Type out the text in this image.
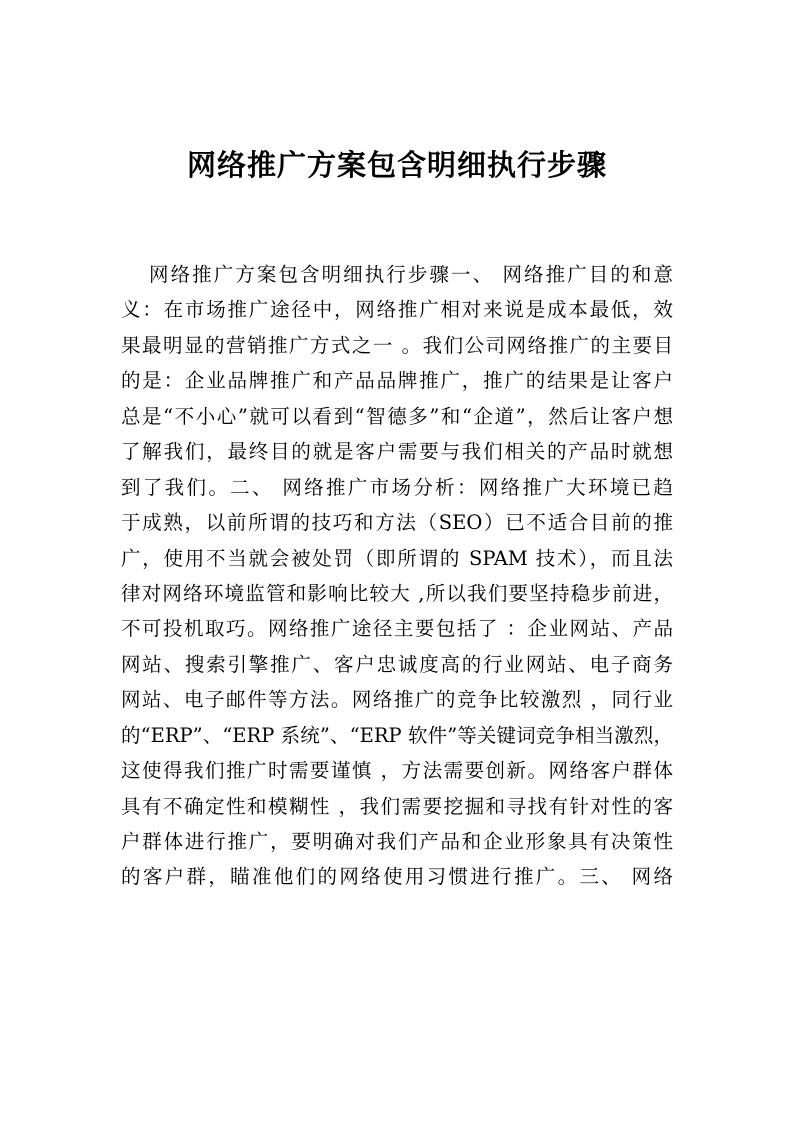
网络推广方案包含明细执行步骤
网络推广方案包含明细执行步骤一、 网络推广目的和意
义：在市场推广途径中，网络推广相对来说是成本最低，效
果最明显的营销推广方式之一 。我们公司网络推广的主要目
的是：企业品牌推广和产品品牌推广，推广的结果是让客户
总是“不小心”就可以看到“智德多”和“企道”，然后让客户想
了解我们，最终目的就是客户需要与我们相关的产品时就想
到了我们。二、 网络推广市场分析：网络推广大环境已趋
于成熟，以前所谓的技巧和方法（SEO）已不适合目前的推
广，使用不当就会被处罚（即所谓的 SPAM 技术），而且法
律对网络环境监管和影响比较大 ,所以我们要坚持稳步前进，
不可投机取巧。网络推广途径主要包括了 ：企业网站、产品
网站、搜索引擎推广、客户忠诚度高的行业网站、电子商务
网站、电子邮件等方法。网络推广的竞争比较激烈 ，同行业
的“ERP”、“ERP 系统”、“ERP 软件”等关键词竞争相当激烈，
这使得我们推广时需要谨慎 ，方法需要创新。网络客户群体
具有不确定性和模糊性 ，我们需要挖掘和寻找有针对性的客
户群体进行推广，要明确对我们产品和企业形象具有决策性
的客户群，瞄准他们的网络使用习惯进行推广。三、 网络
